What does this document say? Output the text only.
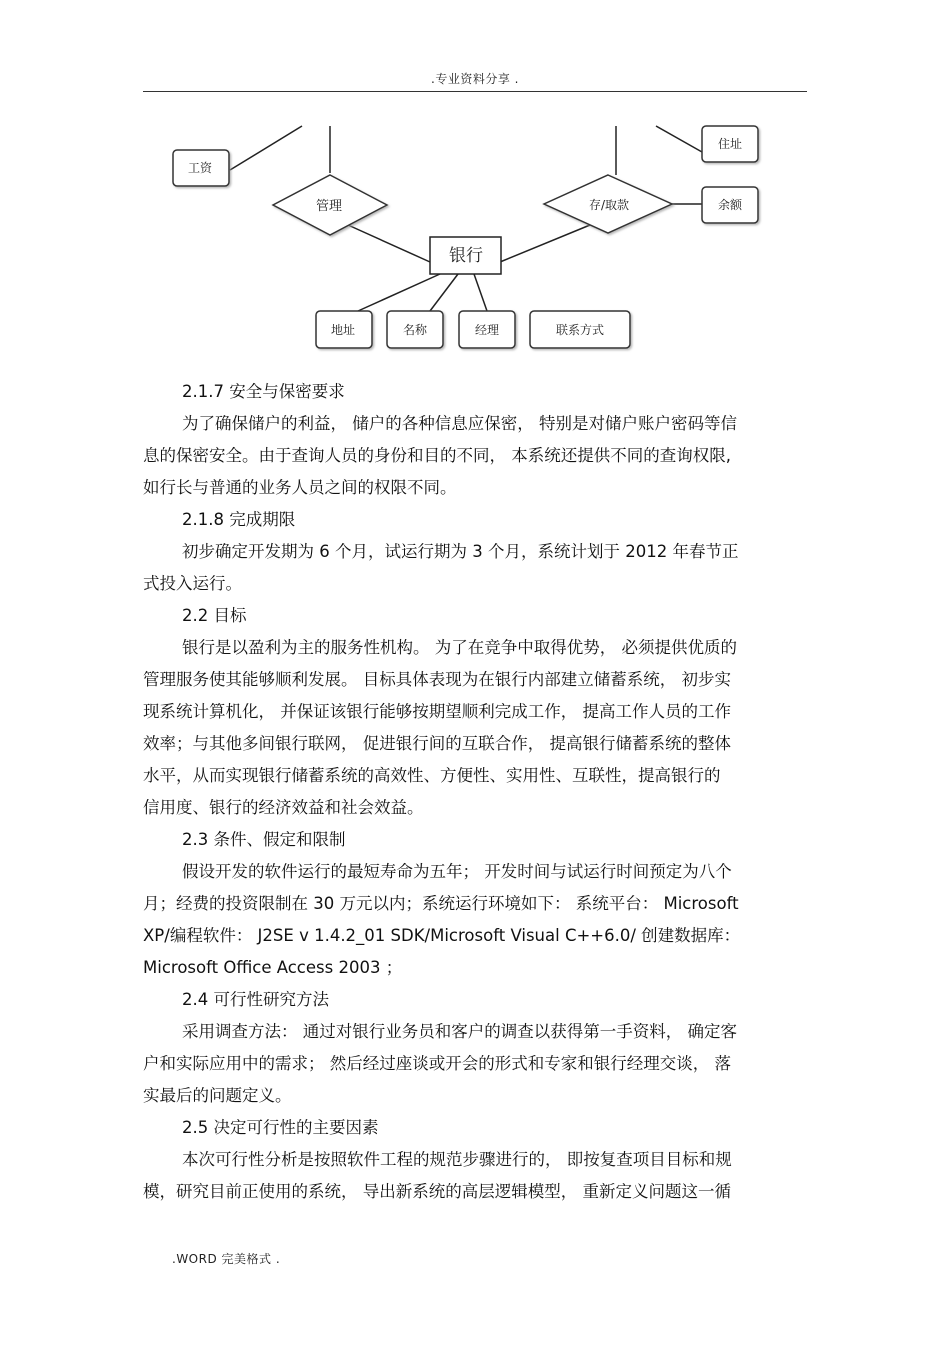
.专业资料分享 .
工资
住址
余额
地址	名称	经理	联系方式
管理	存/取款
银行
2.1.7 安全与保密要求
为了确保储户的利益， 储户的各种信息应保密， 特别是对储户账户密码等信
息的保密安全。由于查询人员的身份和目的不同， 本系统还提供不同的查询权限,
如行长与普通的业务人员之间的权限不同。
2.1.8 完成期限
初步确定开发期为 6 个月，试运行期为 3 个月，系统计划于 2012 年春节正
式投入运行。
2.2 目标
银行是以盈利为主的服务性机构。 为了在竞争中取得优势， 必须提供优质的
管理服务使其能够顺利发展。 目标具体表现为在银行内部建立储蓄系统， 初步实
现系统计算机化， 并保证该银行能够按期望顺利完成工作， 提高工作人员的工作
效率；与其他多间银行联网， 促进银行间的互联合作， 提高银行储蓄系统的整体
水平，从而实现银行储蓄系统的高效性、方便性、实用性、互联性，提高银行的
信用度、银行的经济效益和社会效益。
2.3 条件、假定和限制
假设开发的软件运行的最短寿命为五年； 开发时间与试运行时间预定为八个
月；经费的投资限制在 30 万元以内；系统运行环境如下： 系统平台： Microsoft
XP/编程软件： J2SE v 1.4.2_01 SDK/Microsoft Visual C++6.0/ 创建数据库：
Microsoft Office Access 2003 ；
2.4 可行性研究方法
采用调查方法： 通过对银行业务员和客户的调查以获得第一手资料， 确定客
户和实际应用中的需求； 然后经过座谈或开会的形式和专家和银行经理交谈， 落
实最后的问题定义。
2.5 决定可行性的主要因素
本次可行性分析是按照软件工程的规范步骤进行的， 即按复查项目目标和规
模，研究目前正使用的系统， 导出新系统的高层逻辑模型， 重新定义问题这一循
.WORD 完美格式 .
